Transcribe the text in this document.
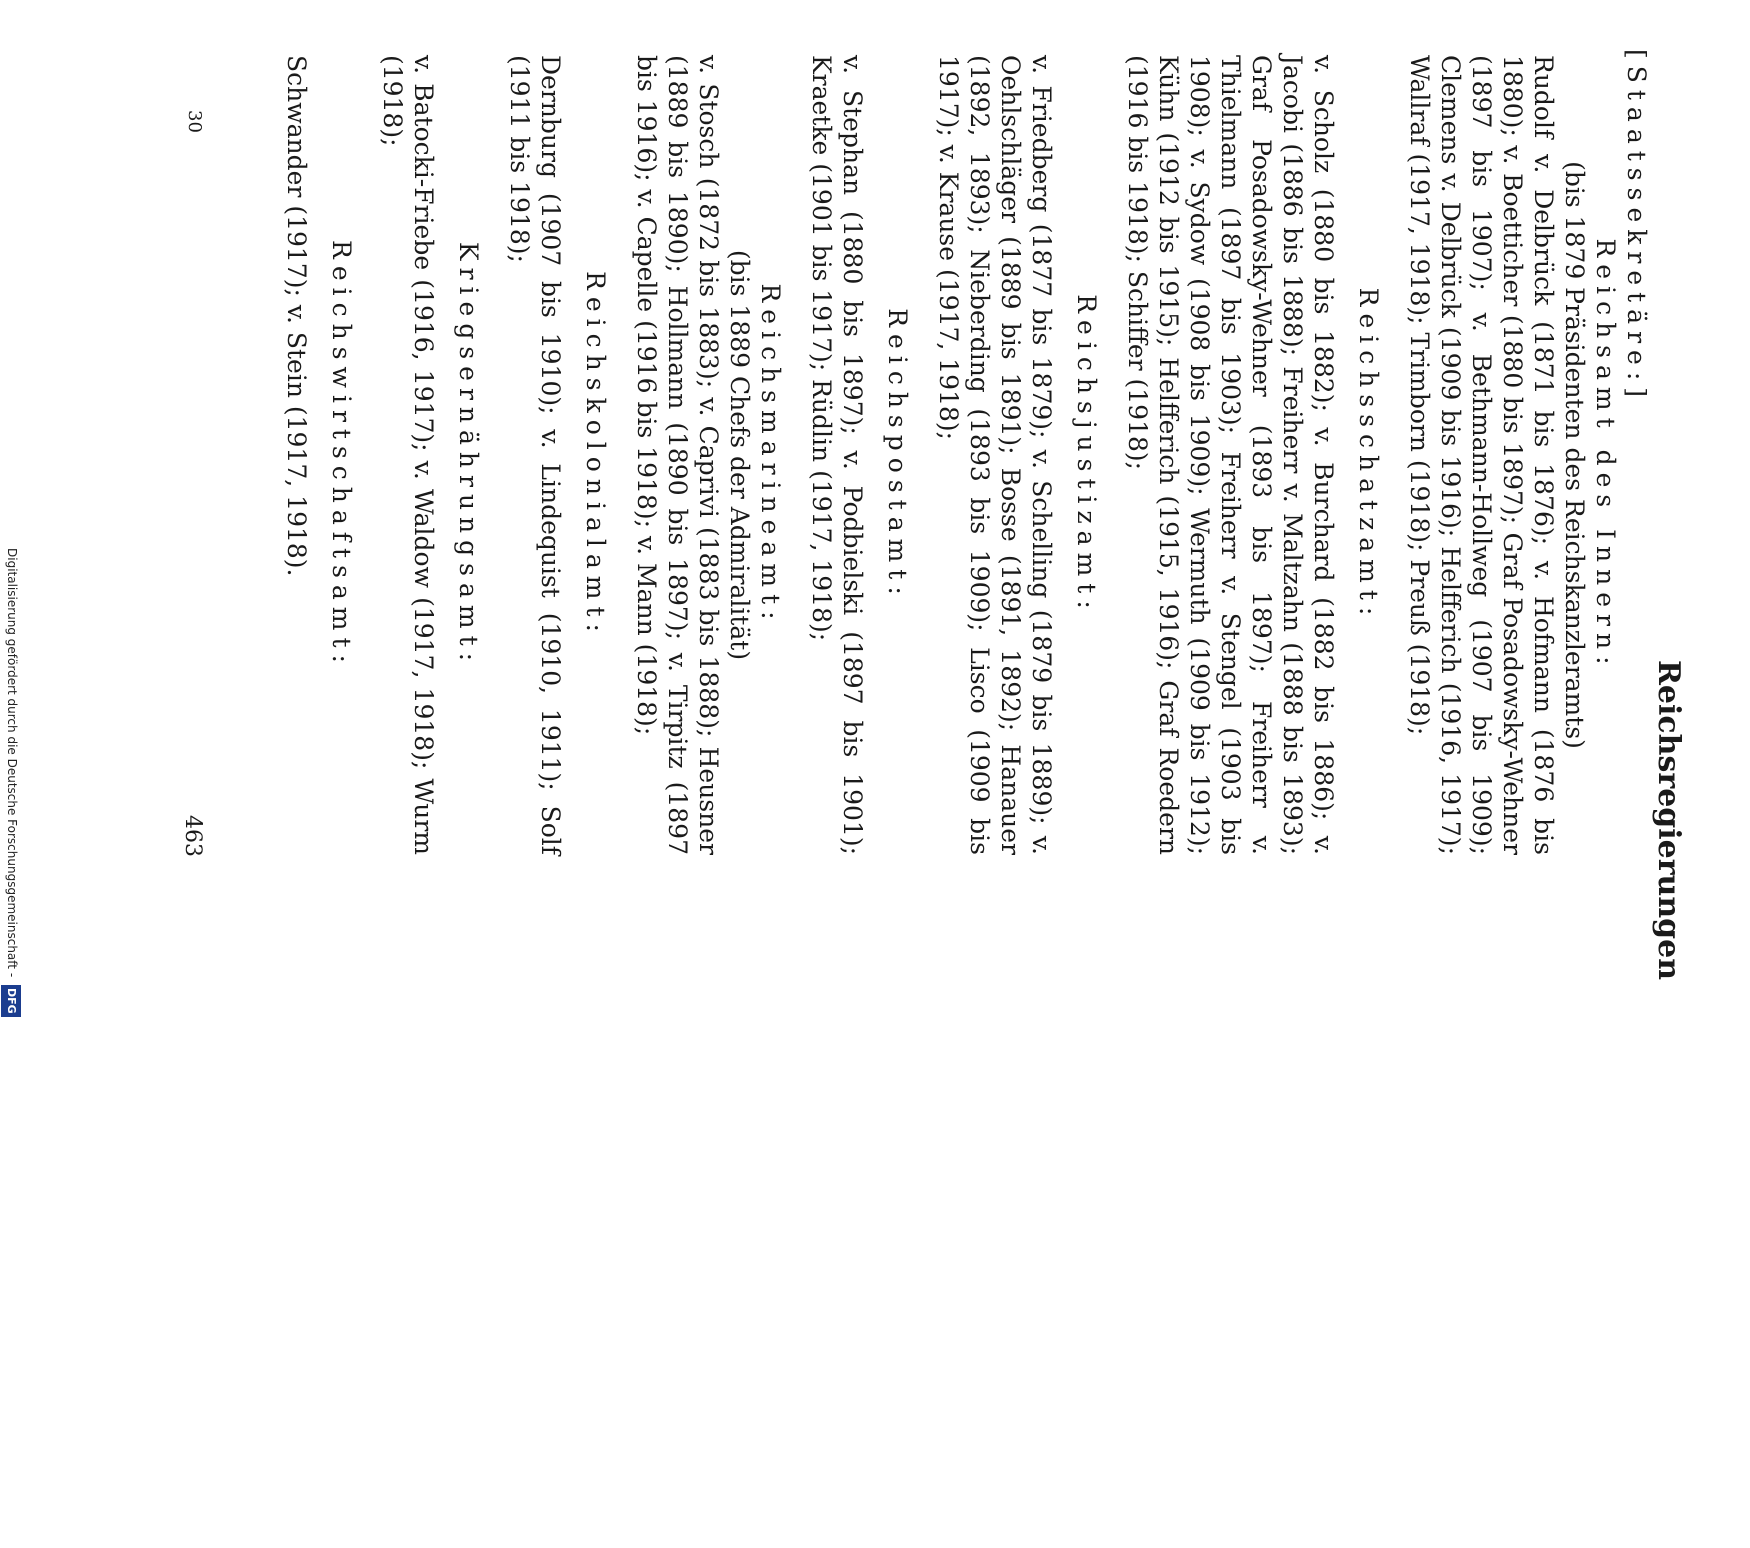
Reichsregierungen

[Staatssekretäre:]

Reichsamt des Innern:

(bis 1879 Präsidenten des Reichskanzleramts)

Rudolf v. Delbrück (1871 bis 1876); v. Hofmann (1876 bis 1880); v. Boetticher (1880 bis 1897); Graf Posadowsky-Wehner (1897 bis 1907); v. Bethmann-Hollweg (1907 bis 1909); Clemens v. Delbrück (1909 bis 1916); Helfferich (1916, 1917); Wallraf (1917, 1918); Trimborn (1918); Preuß (1918);

Reichsschatzamt:

v. Scholz (1880 bis 1882); v. Burchard (1882 bis 1886); v. Jacobi (1886 bis 1888); Freiherr v. Maltzahn (1888 bis 1893); Graf Posadowsky-Wehner (1893 bis 1897); Freiherr v. Thielmann (1897 bis 1903); Freiherr v. Stengel (1903 bis 1908); v. Sydow (1908 bis 1909); Wermuth (1909 bis 1912); Kühn (1912 bis 1915); Helfferich (1915, 1916); Graf Roedern (1916 bis 1918); Schiffer (1918);

Reichsjustizamt:

v. Friedberg (1877 bis 1879); v. Schelling (1879 bis 1889); v. Oehlschläger (1889 bis 1891); Bosse (1891, 1892); Hanauer (1892, 1893); Nieberding (1893 bis 1909); Lisco (1909 bis 1917); v. Krause (1917, 1918);

Reichspostamt:

v. Stephan (1880 bis 1897); v. Podbielski (1897 bis 1901); Kraetke (1901 bis 1917); Rüdlin (1917, 1918);

Reichsmarineamt:

(bis 1889 Chefs der Admiralität)

v. Stosch (1872 bis 1883); v. Caprivi (1883 bis 1888); Heusner (1889 bis 1890); Hollmann (1890 bis 1897); v. Tirpitz (1897 bis 1916); v. Capelle (1916 bis 1918); v. Mann (1918);

Reichskolonialamt:

Dernburg (1907 bis 1910); v. Lindequist (1910, 1911); Solf (1911 bis 1918);

Kriegsernährungsamt:

v. Batocki-Friebe (1916, 1917); v. Waldow (1917, 1918); Wurm (1918);

Reichswirtschaftsamt:

Schwander (1917); v. Stein (1917, 1918).

463
30
Digitalisierung gefördert durch die Deutsche Forschungsgemeinschaft - DFG
